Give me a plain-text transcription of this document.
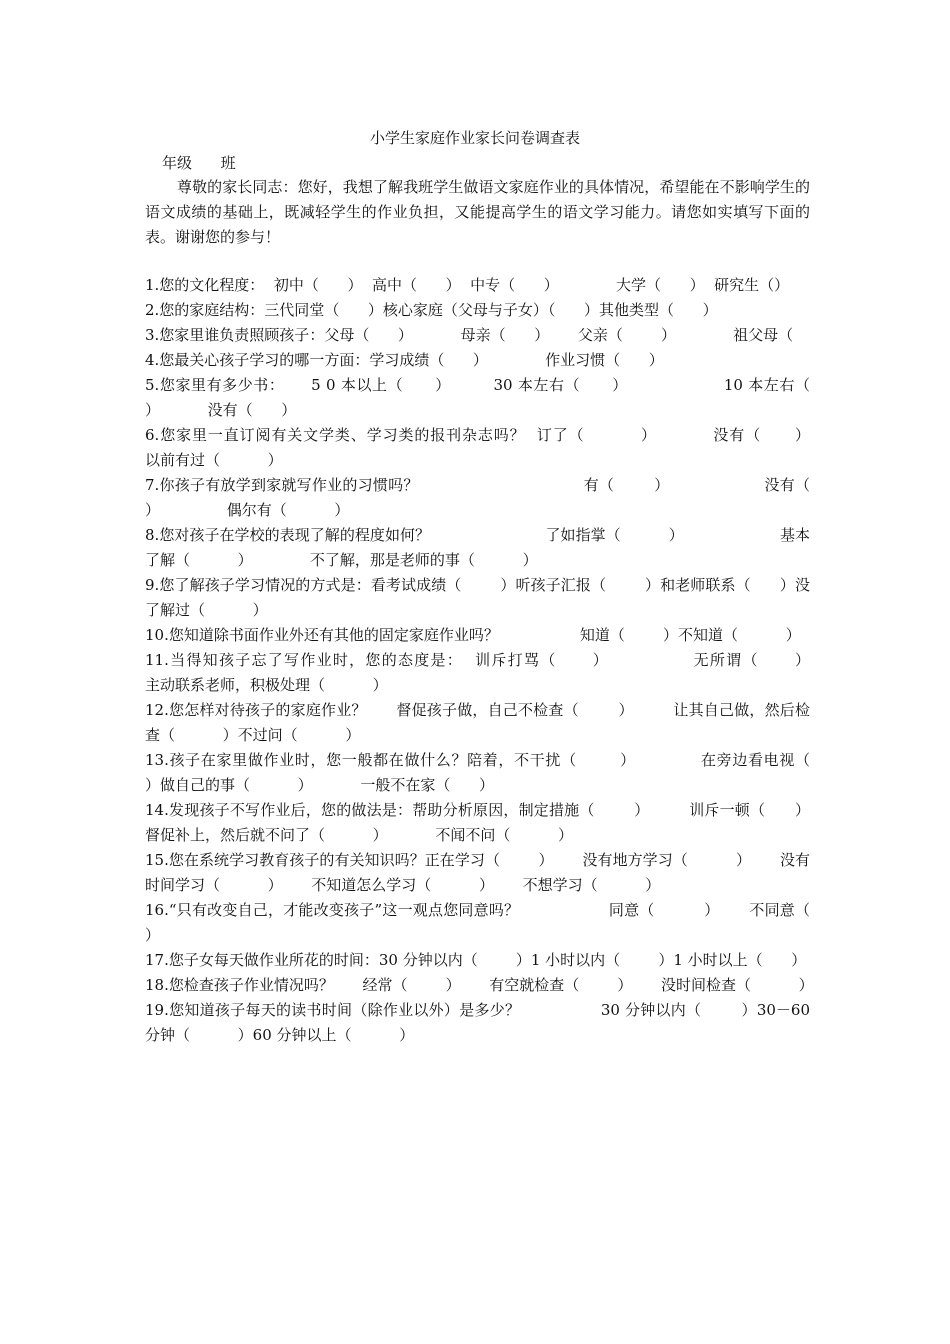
小学生家庭作业家长问卷调查表
年级      班
尊敬的家长同志：您好，我想了解我班学生做语文家庭作业的具体情况，希望能在不影响学生的语文成绩的基础上，既减轻学生的作业负担，又能提高学生的语文学习能力。请您如实填写下面的表。谢谢您的参与！
1.您的文化程度：  初中（      ）  高中（      ）  中专（      ）            大学（      ）  研究生（）
2.您的家庭结构：三代同堂（      ）核心家庭（父母与子女）（      ）其他类型（      ）
3.您家里谁负责照顾孩子：父母（      ）          母亲（      ）      父亲（        ）            祖父母（
4.您最关心孩子学习的哪一方面：学习成绩（      ）            作业习惯（      ）
5.您家里有多少书：     5 0 本以上（      ）        30 本左右（      ）                  10 本左右（      ）          没有（      ）
6.您家里一直订阅有关文学类、学习类的报刊杂志吗？  订了（          ）          没有（      ）            以前有过（          ）
7.你孩子有放学到家就写作业的习惯吗？                                 有（        ）                   没有（        ）              偶尔有（          ）
8.您对孩子在学校的表现了解的程度如何？                        了如指掌（          ）                    基本了解（          ）            不了解，那是老师的事（          ）
9.您了解孩子学习情况的方式是：看考试成绩（        ）听孩子汇报（        ）和老师联系（      ）没了解过（          ）
10.您知道除书面作业外还有其他的固定家庭作业吗？                 知道（        ）不知道（          ）
11.当得知孩子忘了写作业时，您的态度是：  训斥打骂（      ）              无所谓（      ）                    主动联系老师，积极处理（          ）
12.您怎样对待孩子的家庭作业？      督促孩子做，自己不检查（        ）        让其自己做，然后检查（          ）不过问（          ）
13.孩子在家里做作业时，您一般都在做什么？陪着，不干扰（        ）            在旁边看电视（          ）做自己的事（          ）          一般不在家（      ）
14.发现孩子不写作业后，您的做法是：帮助分析原因，制定措施（        ）        训斥一顿（      ）督促补上，然后就不问了（          ）          不闻不问（          ）
15.您在系统学习教育孩子的有关知识吗？正在学习（        ）      没有地方学习（          ）      没有时间学习（          ）      不知道怎么学习（          ）      不想学习（          ）
16.“只有改变自己，才能改变孩子”这一观点您同意吗？                  同意（          ）      不同意（          ）
17.您子女每天做作业所花的时间：30 分钟以内（        ）1 小时以内（        ）1 小时以上（      ）
18.您检查孩子作业情况吗？      经常（        ）      有空就检查（        ）      没时间检查（          ）
19.您知道孩子每天的读书时间（除作业以外）是多少？                30 分钟以内（        ）30－60 分钟（          ）60 分钟以上（          ）
